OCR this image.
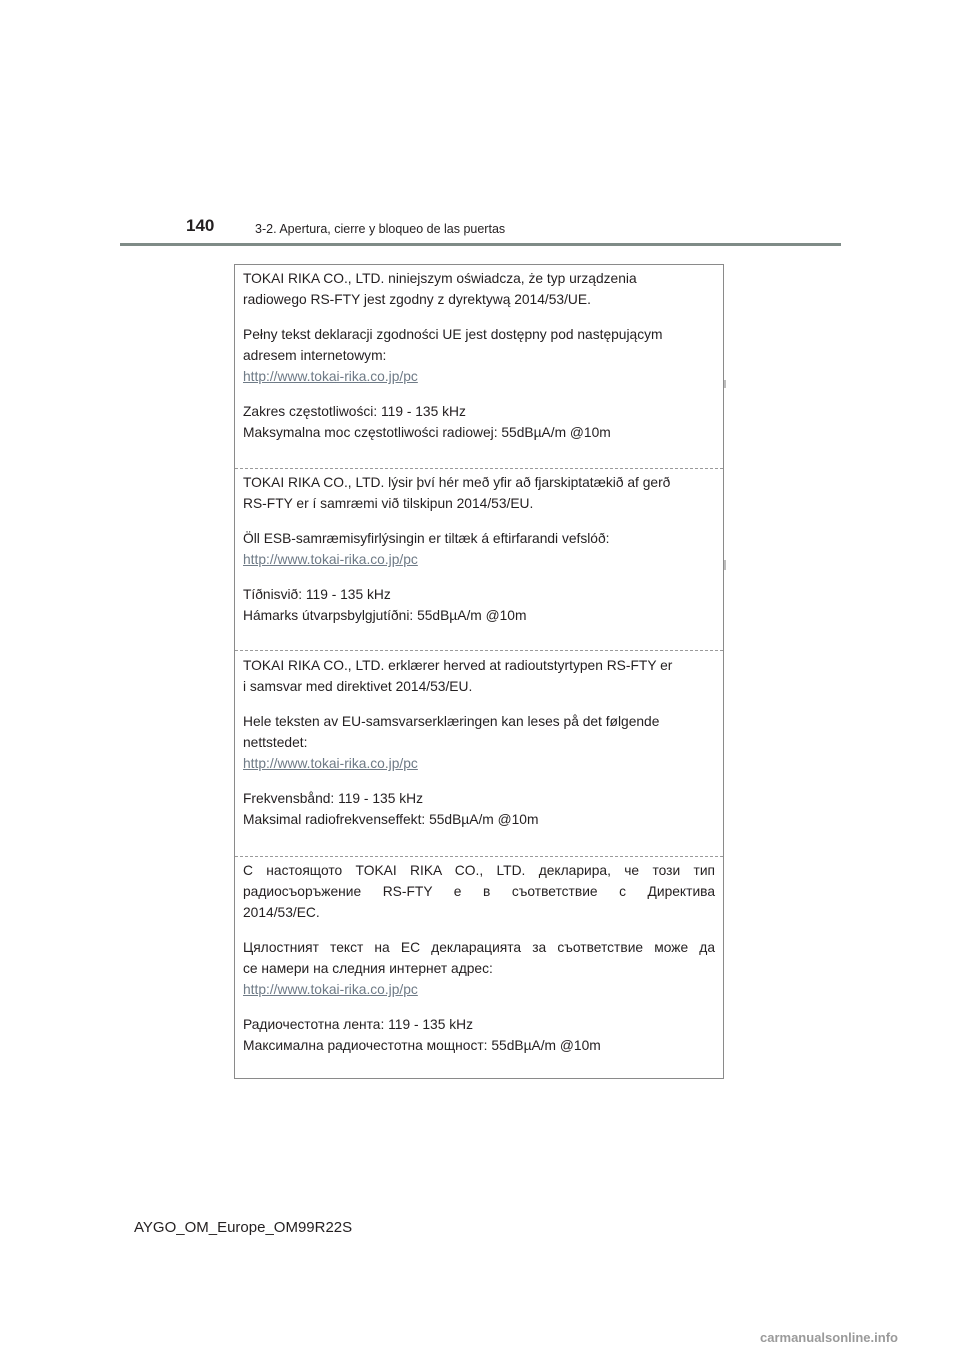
140	3-2. Apertura, cierre y bloqueo de las puertas
TOKAI RIKA CO., LTD. niniejszym oświadcza, że typ urządzenia
radiowego RS-FTY jest zgodny z dyrektywą 2014/53/UE.
Pełny tekst deklaracji zgodności UE jest dostępny pod następującym
adresem internetowym:
http://www.tokai-rika.co.jp/pc
Zakres częstotliwości: 119 - 135 kHz
Maksymalna moc częstotliwości radiowej: 55dBµA/m @10m
TOKAI RIKA CO., LTD. lýsir því hér með yfir að fjarskiptatækið af gerð
RS-FTY er í samræmi við tilskipun 2014/53/EU.
Öll ESB-samræmisyfirlýsingin er tiltæk á eftirfarandi vefslóð:
http://www.tokai-rika.co.jp/pc
Tíðnisvið: 119 - 135 kHz
Hámarks útvarpsbylgjutíðni: 55dBµA/m @10m
TOKAI RIKA CO., LTD. erklærer herved at radioutstyrtypen RS-FTY er
i samsvar med direktivet 2014/53/EU.
Hele teksten av EU-samsvarserklæringen kan leses på det følgende
nettstedet:
http://www.tokai-rika.co.jp/pc
Frekvensbånd: 119 - 135 kHz
Maksimal radiofrekvenseffekt: 55dBµA/m @10m
С настоящото TOKAI RIKA CO., LTD. декларира, че този тип
радиосъоръжение RS-FTY е в съответствие с Директива
2014/53/ЕС.
Цялостният текст на ЕС декларацията за съответствие може да
се намери на следния интернет адрес:
http://www.tokai-rika.co.jp/pc
Радиочестотна лента: 119 - 135 kHz
Максимална радиочестотна мощност: 55dBµA/m @10m
AYGO_OM_Europe_OM99R22S
carmanualsonline.info
